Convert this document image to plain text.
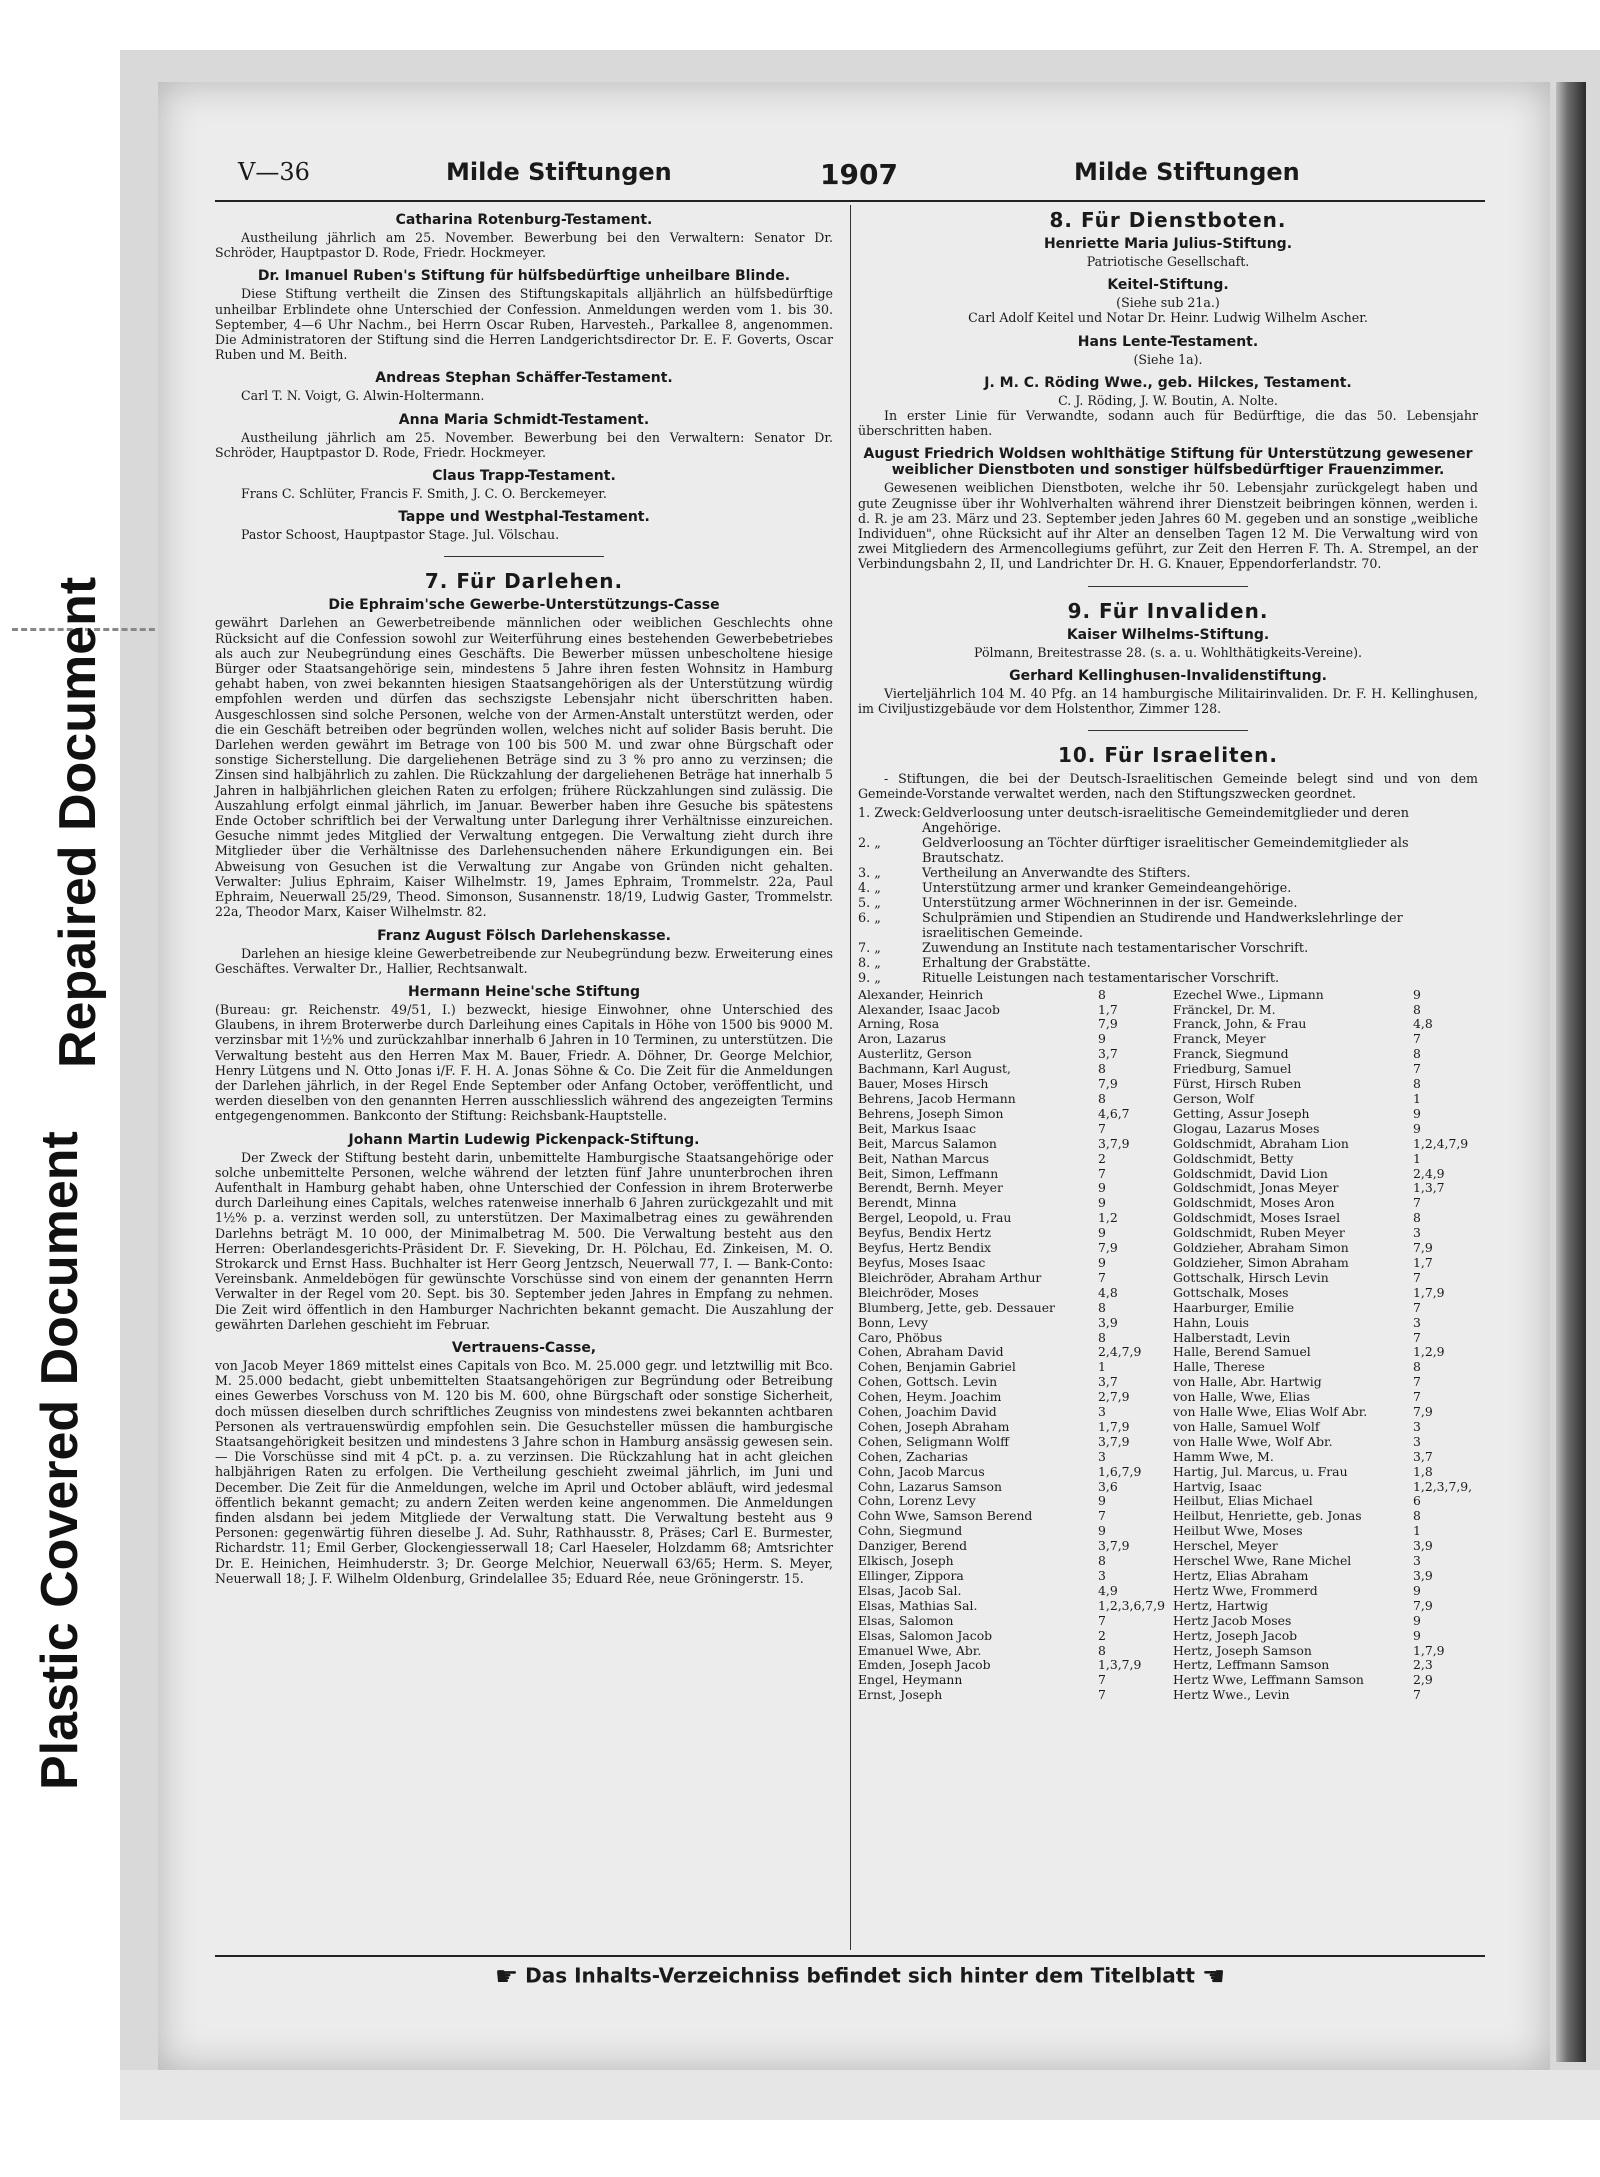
Repaired Document
Plastic Covered Document
V—36	Milde Stiftungen	1907	Milde Stiftungen
Catharina Rotenburg-Testament.

Austheilung jährlich am 25. November. Bewerbung bei den Verwaltern: Senator Dr. Schröder, Hauptpastor D. Rode, Friedr. Hockmeyer.

Dr. Imanuel Ruben's Stiftung für hülfsbedürftige unheilbare Blinde.

Diese Stiftung vertheilt die Zinsen des Stiftungskapitals alljährlich an hülfsbedürftige unheilbar Erblindete ohne Unterschied der Confession. Anmeldungen werden vom 1. bis 30. September, 4—6 Uhr Nachm., bei Herrn Oscar Ruben, Harvesteh., Parkallee 8, angenommen. Die Administratoren der Stiftung sind die Herren Landgerichtsdirector Dr. E. F. Goverts, Oscar Ruben und M. Beith.

Andreas Stephan Schäffer-Testament.

Carl T. N. Voigt, G. Alwin-Holtermann.

Anna Maria Schmidt-Testament.

Austheilung jährlich am 25. November. Bewerbung bei den Verwaltern: Senator Dr. Schröder, Hauptpastor D. Rode, Friedr. Hockmeyer.

Claus Trapp-Testament.

Frans C. Schlüter, Francis F. Smith, J. C. O. Berckemeyer.

Tappe und Westphal-Testament.

Pastor Schoost, Hauptpastor Stage. Jul. Völschau.

7. Für Darlehen.
Die Ephraim'sche Gewerbe-Unterstützungs-Casse

gewährt Darlehen an Gewerbetreibende männlichen oder weiblichen Geschlechts ohne Rücksicht auf die Confession sowohl zur Weiterführung eines bestehenden Gewerbebetriebes als auch zur Neubegründung eines Geschäfts. Die Bewerber müssen unbescholtene hiesige Bürger oder Staatsangehörige sein, mindestens 5 Jahre ihren festen Wohnsitz in Hamburg gehabt haben, von zwei bekannten hiesigen Staatsangehörigen als der Unterstützung würdig empfohlen werden und dürfen das sechszigste Lebensjahr nicht überschritten haben. Ausgeschlossen sind solche Personen, welche von der Armen-Anstalt unterstützt werden, oder die ein Geschäft betreiben oder begründen wollen, welches nicht auf solider Basis beruht. Die Darlehen werden gewährt im Betrage von 100 bis 500 M. und zwar ohne Bürgschaft oder sonstige Sicherstellung. Die dargeliehenen Beträge sind zu 3 % pro anno zu verzinsen; die Zinsen sind halbjährlich zu zahlen. Die Rückzahlung der dargeliehenen Beträge hat innerhalb 5 Jahren in halbjährlichen gleichen Raten zu erfolgen; frühere Rückzahlungen sind zulässig. Die Auszahlung erfolgt einmal jährlich, im Januar. Bewerber haben ihre Gesuche bis spätestens Ende October schriftlich bei der Verwaltung unter Darlegung ihrer Verhältnisse einzureichen. Gesuche nimmt jedes Mitglied der Verwaltung entgegen. Die Verwaltung zieht durch ihre Mitglieder über die Verhältnisse des Darlehensuchenden nähere Erkundigungen ein. Bei Abweisung von Gesuchen ist die Verwaltung zur Angabe von Gründen nicht gehalten. Verwalter: Julius Ephraim, Kaiser Wilhelmstr. 19, James Ephraim, Trommelstr. 22a, Paul Ephraim, Neuerwall 25/29, Theod. Simonson, Susannenstr. 18/19, Ludwig Gaster, Trommelstr. 22a, Theodor Marx, Kaiser Wilhelmstr. 82.

Franz August Fölsch Darlehenskasse.

Darlehen an hiesige kleine Gewerbetreibende zur Neubegründung bezw. Erweiterung eines Geschäftes. Verwalter Dr., Hallier, Rechtsanwalt.

Hermann Heine'sche Stiftung

(Bureau: gr. Reichenstr. 49/51, I.) bezweckt, hiesige Einwohner, ohne Unterschied des Glaubens, in ihrem Broterwerbe durch Darleihung eines Capitals in Höhe von 1500 bis 9000 M. verzinsbar mit 1½% und zurückzahlbar innerhalb 6 Jahren in 10 Terminen, zu unterstützen. Die Verwaltung besteht aus den Herren Max M. Bauer, Friedr. A. Döhner, Dr. George Melchior, Henry Lütgens und N. Otto Jonas i/F. F. H. A. Jonas Söhne & Co. Die Zeit für die Anmeldungen der Darlehen jährlich, in der Regel Ende September oder Anfang October, veröffentlicht, und werden dieselben von den genannten Herren ausschliesslich während des angezeigten Termins entgegengenommen. Bankconto der Stiftung: Reichsbank-Hauptstelle.

Johann Martin Ludewig Pickenpack-Stiftung.

Der Zweck der Stiftung besteht darin, unbemittelte Hamburgische Staatsangehörige oder solche unbemittelte Personen, welche während der letzten fünf Jahre ununterbrochen ihren Aufenthalt in Hamburg gehabt haben, ohne Unterschied der Confession in ihrem Broterwerbe durch Darleihung eines Capitals, welches ratenweise innerhalb 6 Jahren zurückgezahlt und mit 1½% p. a. verzinst werden soll, zu unterstützen. Der Maximalbetrag eines zu gewährenden Darlehns beträgt M. 10 000, der Minimalbetrag M. 500. Die Verwaltung besteht aus den Herren: Oberlandesgerichts-Präsident Dr. F. Sieveking, Dr. H. Pölchau, Ed. Zinkeisen, M. O. Strokarck und Ernst Hass. Buchhalter ist Herr Georg Jentzsch, Neuerwall 77, I. — Bank-Conto: Vereinsbank. Anmeldebögen für gewünschte Vorschüsse sind von einem der genannten Herrn Verwalter in der Regel vom 20. Sept. bis 30. September jeden Jahres in Empfang zu nehmen. Die Zeit wird öffentlich in den Hamburger Nachrichten bekannt gemacht. Die Auszahlung der gewährten Darlehen geschieht im Februar.

Vertrauens-Casse,

von Jacob Meyer 1869 mittelst eines Capitals von Bco. M. 25.000 gegr. und letztwillig mit Bco. M. 25.000 bedacht, giebt unbemittelten Staatsangehörigen zur Begründung oder Betreibung eines Gewerbes Vorschuss von M. 120 bis M. 600, ohne Bürgschaft oder sonstige Sicherheit, doch müssen dieselben durch schriftliches Zeugniss von mindestens zwei bekannten achtbaren Personen als vertrauenswürdig empfohlen sein. Die Gesuchsteller müssen die hamburgische Staatsangehörigkeit besitzen und mindestens 3 Jahre schon in Hamburg ansässig gewesen sein. — Die Vorschüsse sind mit 4 pCt. p. a. zu verzinsen. Die Rückzahlung hat in acht gleichen halbjährigen Raten zu erfolgen. Die Vertheilung geschieht zweimal jährlich, im Juni und December. Die Zeit für die Anmeldungen, welche im April und October abläuft, wird jedesmal öffentlich bekannt gemacht; zu andern Zeiten werden keine angenommen. Die Anmeldungen finden alsdann bei jedem Mitgliede der Verwaltung statt. Die Verwaltung besteht aus 9 Personen: gegenwärtig führen dieselbe J. Ad. Suhr, Rathhausstr. 8, Präses; Carl E. Burmester, Richardstr. 11; Emil Gerber, Glockengiesserwall 18; Carl Haeseler, Holzdamm 68; Amtsrichter Dr. E. Heinichen, Heimhuderstr. 3; Dr. George Melchior, Neuerwall 63/65; Herm. S. Meyer, Neuerwall 18; J. F. Wilhelm Oldenburg, Grindelallee 35; Eduard Rée, neue Gröningerstr. 15.

8. Für Dienstboten.
Henriette Maria Julius-Stiftung.
Patriotische Gesellschaft.
Keitel-Stiftung.
(Siehe sub 21a.)
Carl Adolf Keitel und Notar Dr. Heinr. Ludwig Wilhelm Ascher.
Hans Lente-Testament.
(Siehe 1a).
J. M. C. Röding Wwe., geb. Hilckes, Testament.
C. J. Röding, J. W. Boutin, A. Nolte.

In erster Linie für Verwandte, sodann auch für Bedürftige, die das 50. Lebensjahr überschritten haben.

August Friedrich Woldsen wohlthätige Stiftung für Unterstützung gewesener weiblicher Dienstboten und sonstiger hülfsbedürftiger Frauenzimmer.

Gewesenen weiblichen Dienstboten, welche ihr 50. Lebensjahr zurückgelegt haben und gute Zeugnisse über ihr Wohlverhalten während ihrer Dienstzeit beibringen können, werden i. d. R. je am 23. März und 23. September jeden Jahres 60 M. gegeben und an sonstige „weibliche Individuen", ohne Rücksicht auf ihr Alter an denselben Tagen 12 M. Die Verwaltung wird von zwei Mitgliedern des Armencollegiums geführt, zur Zeit den Herren F. Th. A. Strempel, an der Verbindungsbahn 2, II, und Landrichter Dr. H. G. Knauer, Eppendorferlandstr. 70.

9. Für Invaliden.
Kaiser Wilhelms-Stiftung.
Pölmann, Breitestrasse 28. (s. a. u. Wohlthätigkeits-Vereine).
Gerhard Kellinghusen-Invalidenstiftung.

Vierteljährlich 104 M. 40 Pfg. an 14 hamburgische Militairinvaliden. Dr. F. H. Kellinghusen, im Civiljustizgebäude vor dem Holstenthor, Zimmer 128.

10. Für Israeliten.

- Stiftungen, die bei der Deutsch-Israelitischen Gemeinde belegt sind und von dem Gemeinde-Vorstande verwaltet werden, nach den Stiftungszwecken geordnet.

1. Zweck: Geldverloosung unter deutsch-israelitische Gemeindemitglieder und deren Angehörige.
2. „	Geldverloosung an Töchter dürftiger israelitischer Gemeindemitglieder als Brautschatz.
3. „	Vertheilung an Anverwandte des Stifters.
4. „	Unterstützung armer und kranker Gemeindeangehörige.
5. „	Unterstützung armer Wöchnerinnen in der isr. Gemeinde.
6. „	Schulprämien und Stipendien an Studirende und Handwerkslehrlinge der israelitischen Gemeinde.
7. „	Zuwendung an Institute nach testamentarischer Vorschrift.
8. „	Erhaltung der Grabstätte.
9. „	Rituelle Leistungen nach testamentarischer Vorschrift.
Alexander, Heinrich	8
Alexander, Isaac Jacob	1,7
Arning, Rosa	7,9
Aron, Lazarus	9
Austerlitz, Gerson	3,7
Bachmann, Karl August,	8
Bauer, Moses Hirsch	7,9
Behrens, Jacob Hermann	8
Behrens, Joseph Simon	4,6,7
Beit, Markus Isaac	7
Beit, Marcus Salamon	3,7,9
Beit, Nathan Marcus	2
Beit, Simon, Leffmann	7
Berendt, Bernh. Meyer	9
Berendt, Minna	9
Bergel, Leopold, u. Frau	1,2
Beyfus, Bendix Hertz	9
Beyfus, Hertz Bendix	7,9
Beyfus, Moses Isaac	9
Bleichröder, Abraham Arthur	7
Bleichröder, Moses	4,8
Blumberg, Jette, geb. Dessauer	8
Bonn, Levy	3,9
Caro, Phöbus	8
Cohen, Abraham David	2,4,7,9
Cohen, Benjamin Gabriel	1
Cohen, Gottsch. Levin	3,7
Cohen, Heym. Joachim	2,7,9
Cohen, Joachim David	3
Cohen, Joseph Abraham	1,7,9
Cohen, Seligmann Wolff	3,7,9
Cohen, Zacharias	3
Cohn, Jacob Marcus	1,6,7,9
Cohn, Lazarus Samson	3,6
Cohn, Lorenz Levy	9
Cohn Wwe, Samson Berend	7
Cohn, Siegmund	9
Danziger, Berend	3,7,9
Elkisch, Joseph	8
Ellinger, Zippora	3
Elsas, Jacob Sal.	4,9
Elsas, Mathias Sal.	1,2,3,6,7,9
Elsas, Salomon	7
Elsas, Salomon Jacob	2
Emanuel Wwe, Abr.	8
Emden, Joseph Jacob	1,3,7,9
Engel, Heymann	7
Ernst, Joseph	7
Ezechel Wwe., Lipmann	9
Fränckel, Dr. M.	8
Franck, John, & Frau	4,8
Franck, Meyer	7
Franck, Siegmund	8
Friedburg, Samuel	7
Fürst, Hirsch Ruben	8
Gerson, Wolf	1
Getting, Assur Joseph	9
Glogau, Lazarus Moses	9
Goldschmidt, Abraham Lion	1,2,4,7,9
Goldschmidt, Betty	1
Goldschmidt, David Lion	2,4,9
Goldschmidt, Jonas Meyer	1,3,7
Goldschmidt, Moses Aron	7
Goldschmidt, Moses Israel	8
Goldschmidt, Ruben Meyer	3
Goldzieher, Abraham Simon	7,9
Goldzieher, Simon Abraham	1,7
Gottschalk, Hirsch Levin	7
Gottschalk, Moses	1,7,9
Haarburger, Emilie	7
Hahn, Louis	3
Halberstadt, Levin	7
Halle, Berend Samuel	1,2,9
Halle, Therese	8
von Halle, Abr. Hartwig	7
von Halle, Wwe, Elias	7
von Halle Wwe, Elias Wolf Abr.	7,9
von Halle, Samuel Wolf	3
von Halle Wwe, Wolf Abr.	3
Hamm Wwe, M.	3,7
Hartig, Jul. Marcus, u. Frau	1,8
Hartvig, Isaac	1,2,3,7,9,
Heilbut, Elias Michael	6
Heilbut, Henriette, geb. Jonas	8
Heilbut Wwe, Moses	1
Herschel, Meyer	3,9
Herschel Wwe, Rane Michel	3
Hertz, Elias Abraham	3,9
Hertz Wwe, Frommerd	9
Hertz, Hartwig	7,9
Hertz Jacob Moses	9
Hertz, Joseph Jacob	9
Hertz, Joseph Samson	1,7,9
Hertz, Leffmann Samson	2,3
Hertz Wwe, Leffmann Samson	2,9
Hertz Wwe., Levin	7
☛ Das Inhalts-Verzeichniss befindet sich hinter dem Titelblatt ☚
